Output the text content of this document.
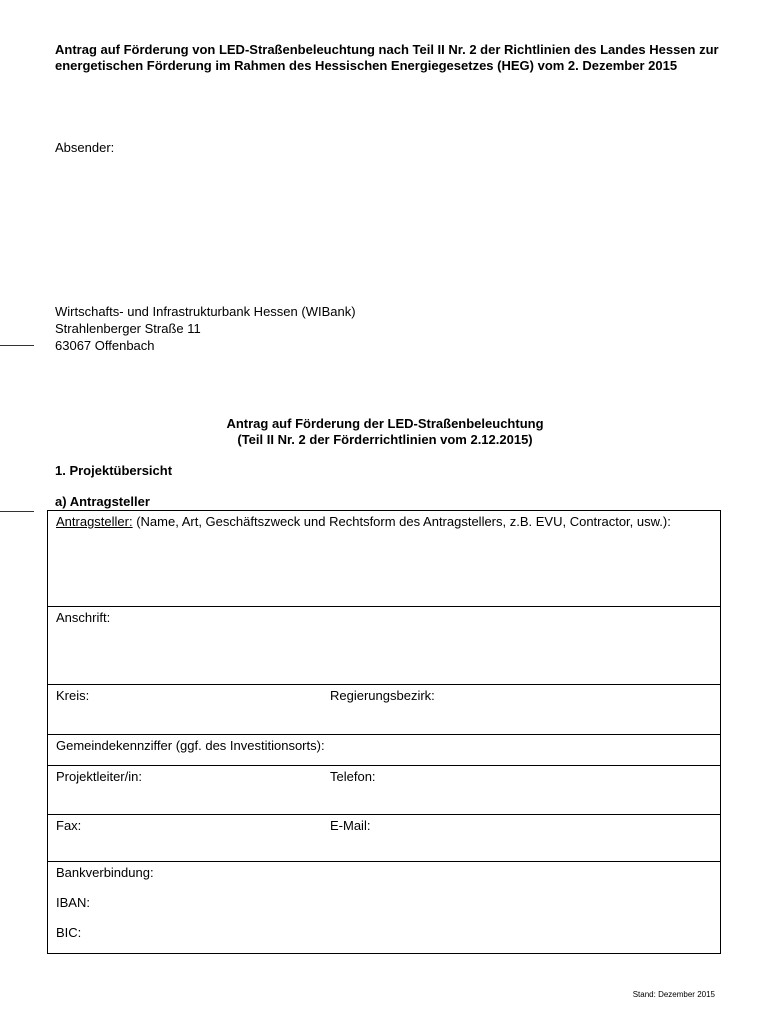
Antrag auf Förderung von LED-Straßenbeleuchtung nach Teil II Nr. 2 der Richtlinien des Landes Hessen zur energetischen Förderung im Rahmen des Hessischen Energiegesetzes (HEG) vom 2. Dezember 2015

Absender:
Wirtschafts- und Infrastrukturbank Hessen (WIBank)
Strahlenberger Straße 11
63067 Offenbach
Antrag auf Förderung der LED-Straßenbeleuchtung
(Teil II Nr. 2 der Förderrichtlinien vom 2.12.2015)
1. Projektübersicht
a) Antragsteller
Antragsteller: (Name, Art, Geschäftszweck und Rechtsform des Antragstellers, z.B. EVU, Contractor, usw.):
Anschrift:
Kreis:	Regierungsbezirk:
Gemeindekennziffer (ggf. des Investitionsorts):
Projektleiter/in:	Telefon:
Fax:	E-Mail:
Bankverbindung:
IBAN:
BIC:
Stand: Dezember 2015
